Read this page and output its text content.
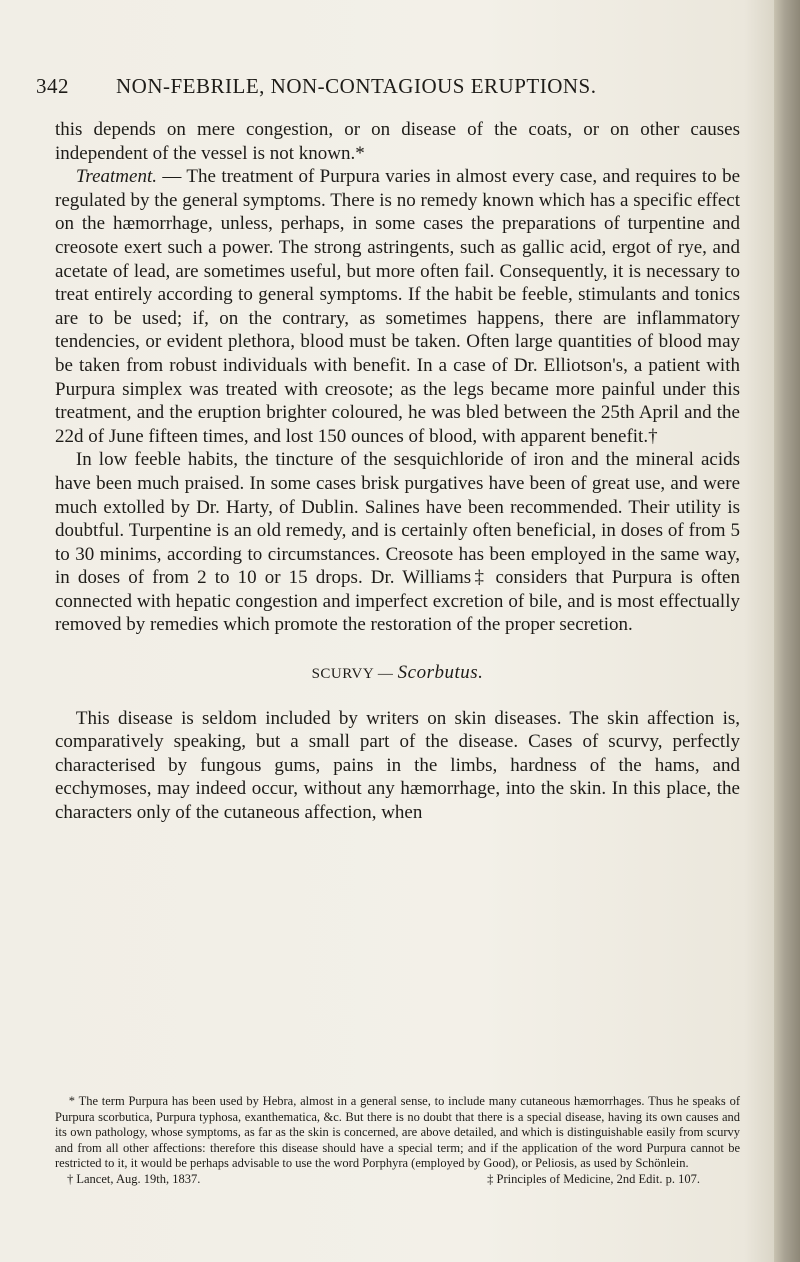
342 NON-FEBRILE, NON-CONTAGIOUS ERUPTIONS.

this depends on mere congestion, or on disease of the coats, or on other causes independent of the vessel is not known.*

Treatment. — The treatment of Purpura varies in almost every case, and requires to be regulated by the general symptoms. There is no remedy known which has a specific effect on the hæmorrhage, unless, perhaps, in some cases the preparations of turpentine and creosote exert such a power. The strong astringents, such as gallic acid, ergot of rye, and acetate of lead, are sometimes useful, but more often fail. Consequently, it is necessary to treat entirely according to general symptoms. If the habit be feeble, stimulants and tonics are to be used; if, on the contrary, as sometimes happens, there are inflammatory tendencies, or evident plethora, blood must be taken. Often large quantities of blood may be taken from robust individuals with benefit. In a case of Dr. Elliotson's, a patient with Purpura simplex was treated with creosote; as the legs became more painful under this treatment, and the eruption brighter coloured, he was bled between the 25th April and the 22d of June fifteen times, and lost 150 ounces of blood, with apparent benefit.†

In low feeble habits, the tincture of the sesquichloride of iron and the mineral acids have been much praised. In some cases brisk purgatives have been of great use, and were much extolled by Dr. Harty, of Dublin. Salines have been recommended. Their utility is doubtful. Turpentine is an old remedy, and is certainly often beneficial, in doses of from 5 to 30 minims, according to circumstances. Creosote has been employed in the same way, in doses of from 2 to 10 or 15 drops. Dr. Williams‡ considers that Purpura is often connected with hepatic congestion and imperfect excretion of bile, and is most effectually removed by remedies which promote the restoration of the proper secretion.

SCURVY — Scorbutus.

This disease is seldom included by writers on skin diseases. The skin affection is, comparatively speaking, but a small part of the disease. Cases of scurvy, perfectly characterised by fungous gums, pains in the limbs, hardness of the hams, and ecchymoses, may indeed occur, without any hæmorrhage, into the skin. In this place, the characters only of the cutaneous affection, when

* The term Purpura has been used by Hebra, almost in a general sense, to include many cutaneous hæmorrhages. Thus he speaks of Purpura scorbutica, Purpura typhosa, exanthematica, &c. But there is no doubt that there is a special disease, having its own causes and its own pathology, whose symptoms, as far as the skin is concerned, are above detailed, and which is distinguishable easily from scurvy and from all other affections: therefore this disease should have a special term; and if the application of the word Purpura cannot be restricted to it, it would be perhaps advisable to use the word Porphyra (employed by Good), or Peliosis, as used by Schönlein.

† Lancet, Aug. 19th, 1837.	‡ Principles of Medicine, 2nd Edit. p. 107.
